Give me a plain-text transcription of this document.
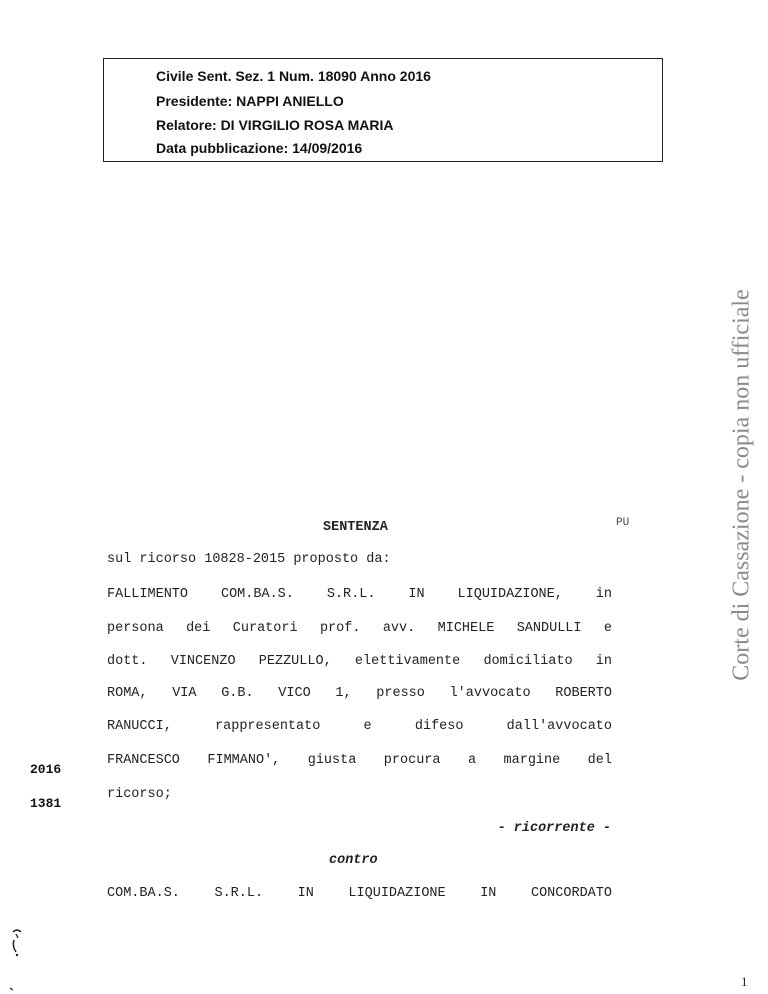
Civile Sent. Sez. 1 Num. 18090 Anno 2016
Presidente: NAPPI ANIELLO
Relatore: DI VIRGILIO ROSA MARIA
Data pubblicazione: 14/09/2016
Corte di Cassazione - copia non ufficiale
SENTENZA	PU
sul ricorso 10828-2015 proposto da:
FALLIMENTO COM.BA.S. S.R.L. IN LIQUIDAZIONE, in
persona dei Curatori prof. avv. MICHELE SANDULLI e
dott. VINCENZO PEZZULLO, elettivamente domiciliato in
ROMA, VIA G.B. VICO 1, presso l'avvocato ROBERTO
RANUCCI, rappresentato e difeso dall'avvocato
FRANCESCO FIMMANO', giusta procura a margine del
ricorso;
2016
1381
- ricorrente -
contro
COM.BA.S. S.R.L. IN LIQUIDAZIONE IN CONCORDATO
1
